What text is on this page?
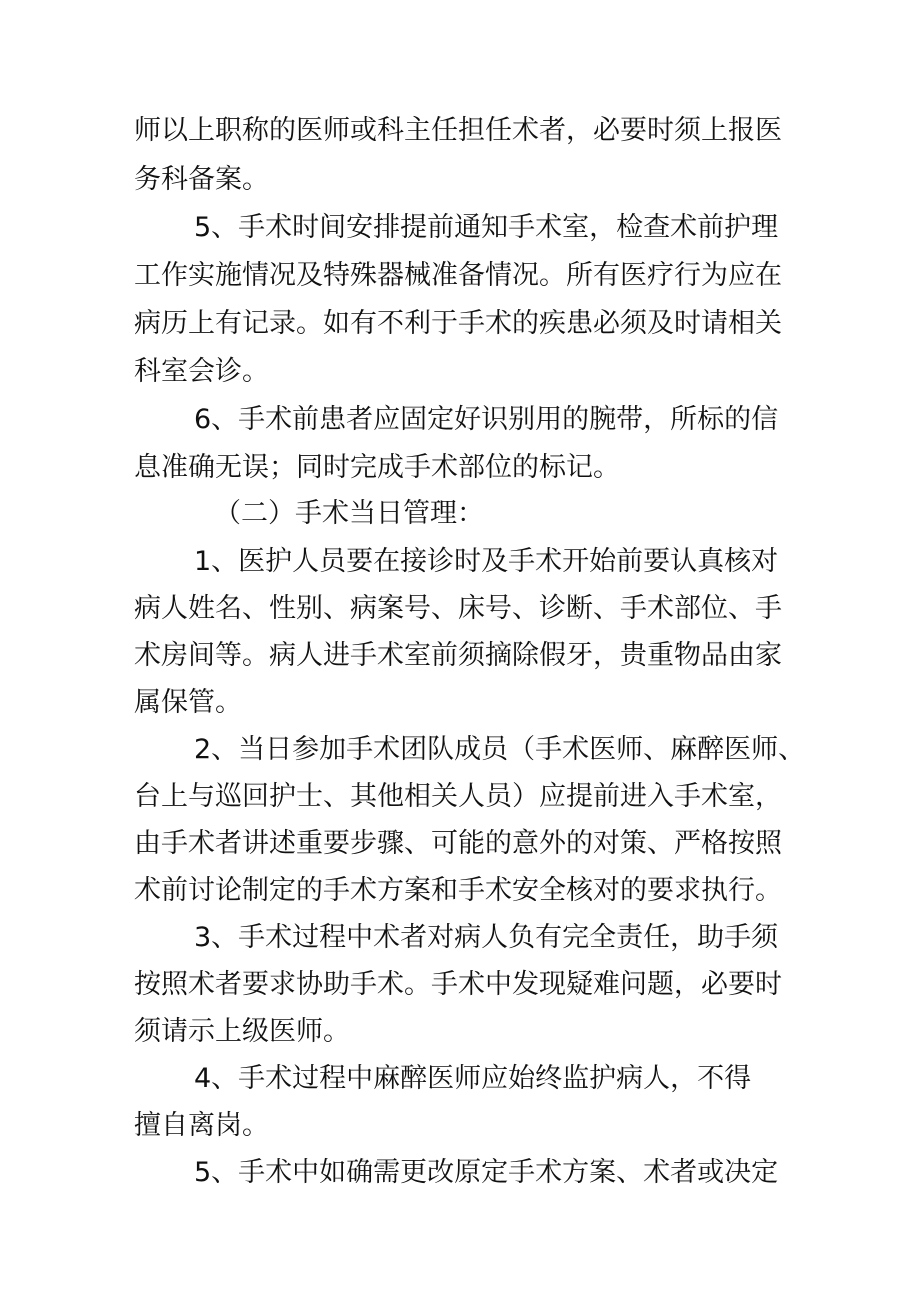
师以上职称的医师或科主任担任术者，必要时须上报医
务科备案。
5、手术时间安排提前通知手术室，检查术前护理
工作实施情况及特殊器械准备情况。所有医疗行为应在
病历上有记录。如有不利于手术的疾患必须及时请相关
科室会诊。
6、手术前患者应固定好识别用的腕带，所标的信
息准确无误；同时完成手术部位的标记。
（二）手术当日管理：
1、医护人员要在接诊时及手术开始前要认真核对
病人姓名、性别、病案号、床号、诊断、手术部位、手
术房间等。病人进手术室前须摘除假牙，贵重物品由家
属保管。
2、当日参加手术团队成员（手术医师、麻醉医师、
台上与巡回护士、其他相关人员）应提前进入手术室，
由手术者讲述重要步骤、可能的意外的对策、严格按照
术前讨论制定的手术方案和手术安全核对的要求执行。
3、手术过程中术者对病人负有完全责任，助手须
按照术者要求协助手术。手术中发现疑难问题，必要时
须请示上级医师。
4、手术过程中麻醉医师应始终监护病人，不得
擅自离岗。
5、手术中如确需更改原定手术方案、术者或决定
